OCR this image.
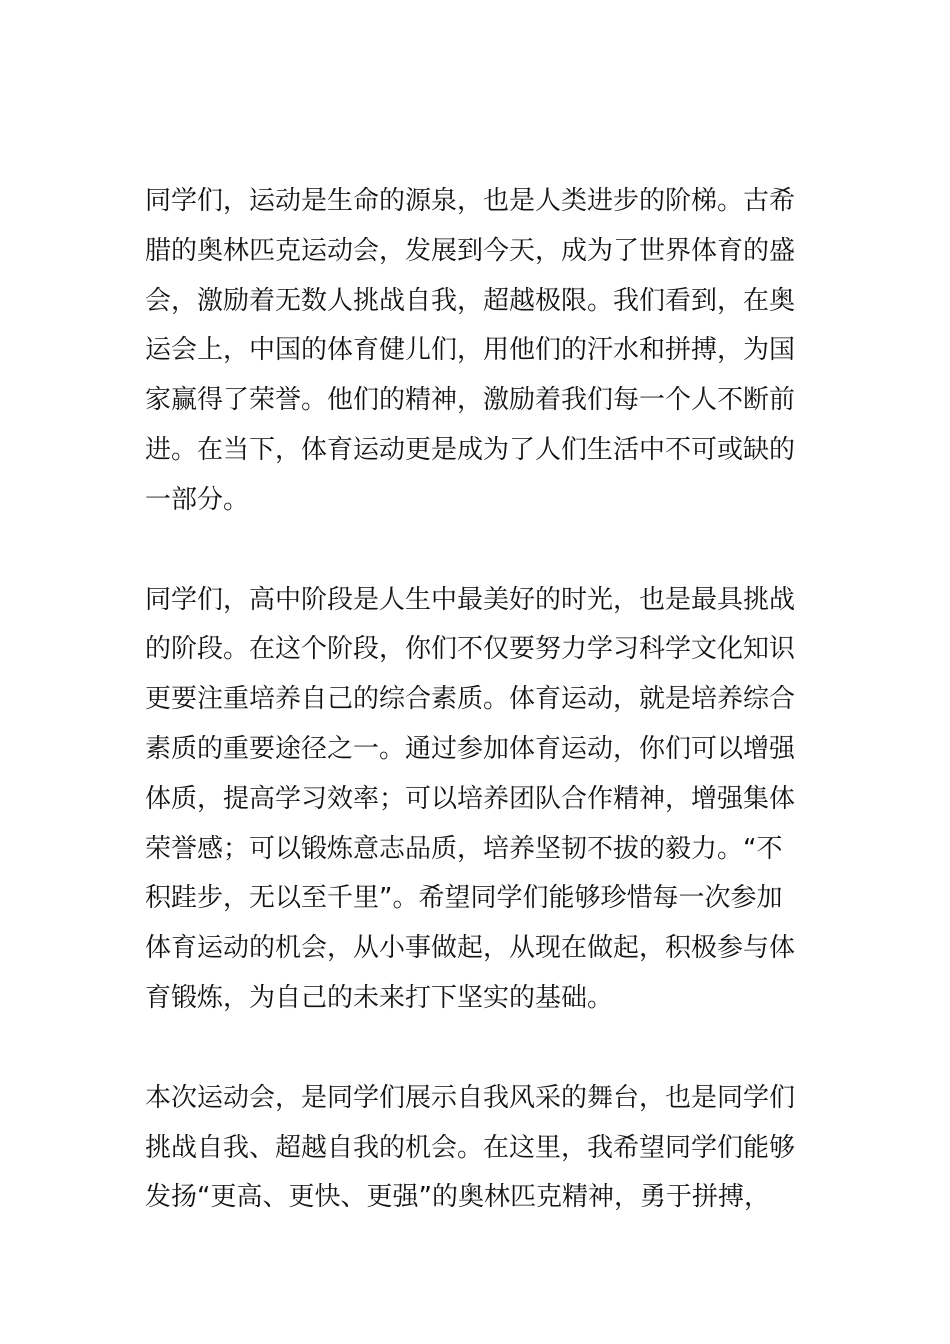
同学们，运动是生命的源泉，也是人类进步的阶梯。古希
腊的奥林匹克运动会，发展到今天，成为了世界体育的盛
会，激励着无数人挑战自我，超越极限。我们看到，在奥
运会上，中国的体育健儿们，用他们的汗水和拼搏，为国
家赢得了荣誉。他们的精神，激励着我们每一个人不断前
进。在当下，体育运动更是成为了人们生活中不可或缺的
一部分。

同学们，高中阶段是人生中最美好的时光，也是最具挑战
的阶段。在这个阶段，你们不仅要努力学习科学文化知识
更要注重培养自己的综合素质。体育运动，就是培养综合
素质的重要途径之一。通过参加体育运动，你们可以增强
体质，提高学习效率；可以培养团队合作精神，增强集体
荣誉感；可以锻炼意志品质，培养坚韧不拔的毅力。“不
积跬步，无以至千里”。希望同学们能够珍惜每一次参加
体育运动的机会，从小事做起，从现在做起，积极参与体
育锻炼，为自己的未来打下坚实的基础。

本次运动会，是同学们展示自我风采的舞台，也是同学们
挑战自我、超越自我的机会。在这里，我希望同学们能够
发扬“更高、更快、更强”的奥林匹克精神，勇于拼搏，
